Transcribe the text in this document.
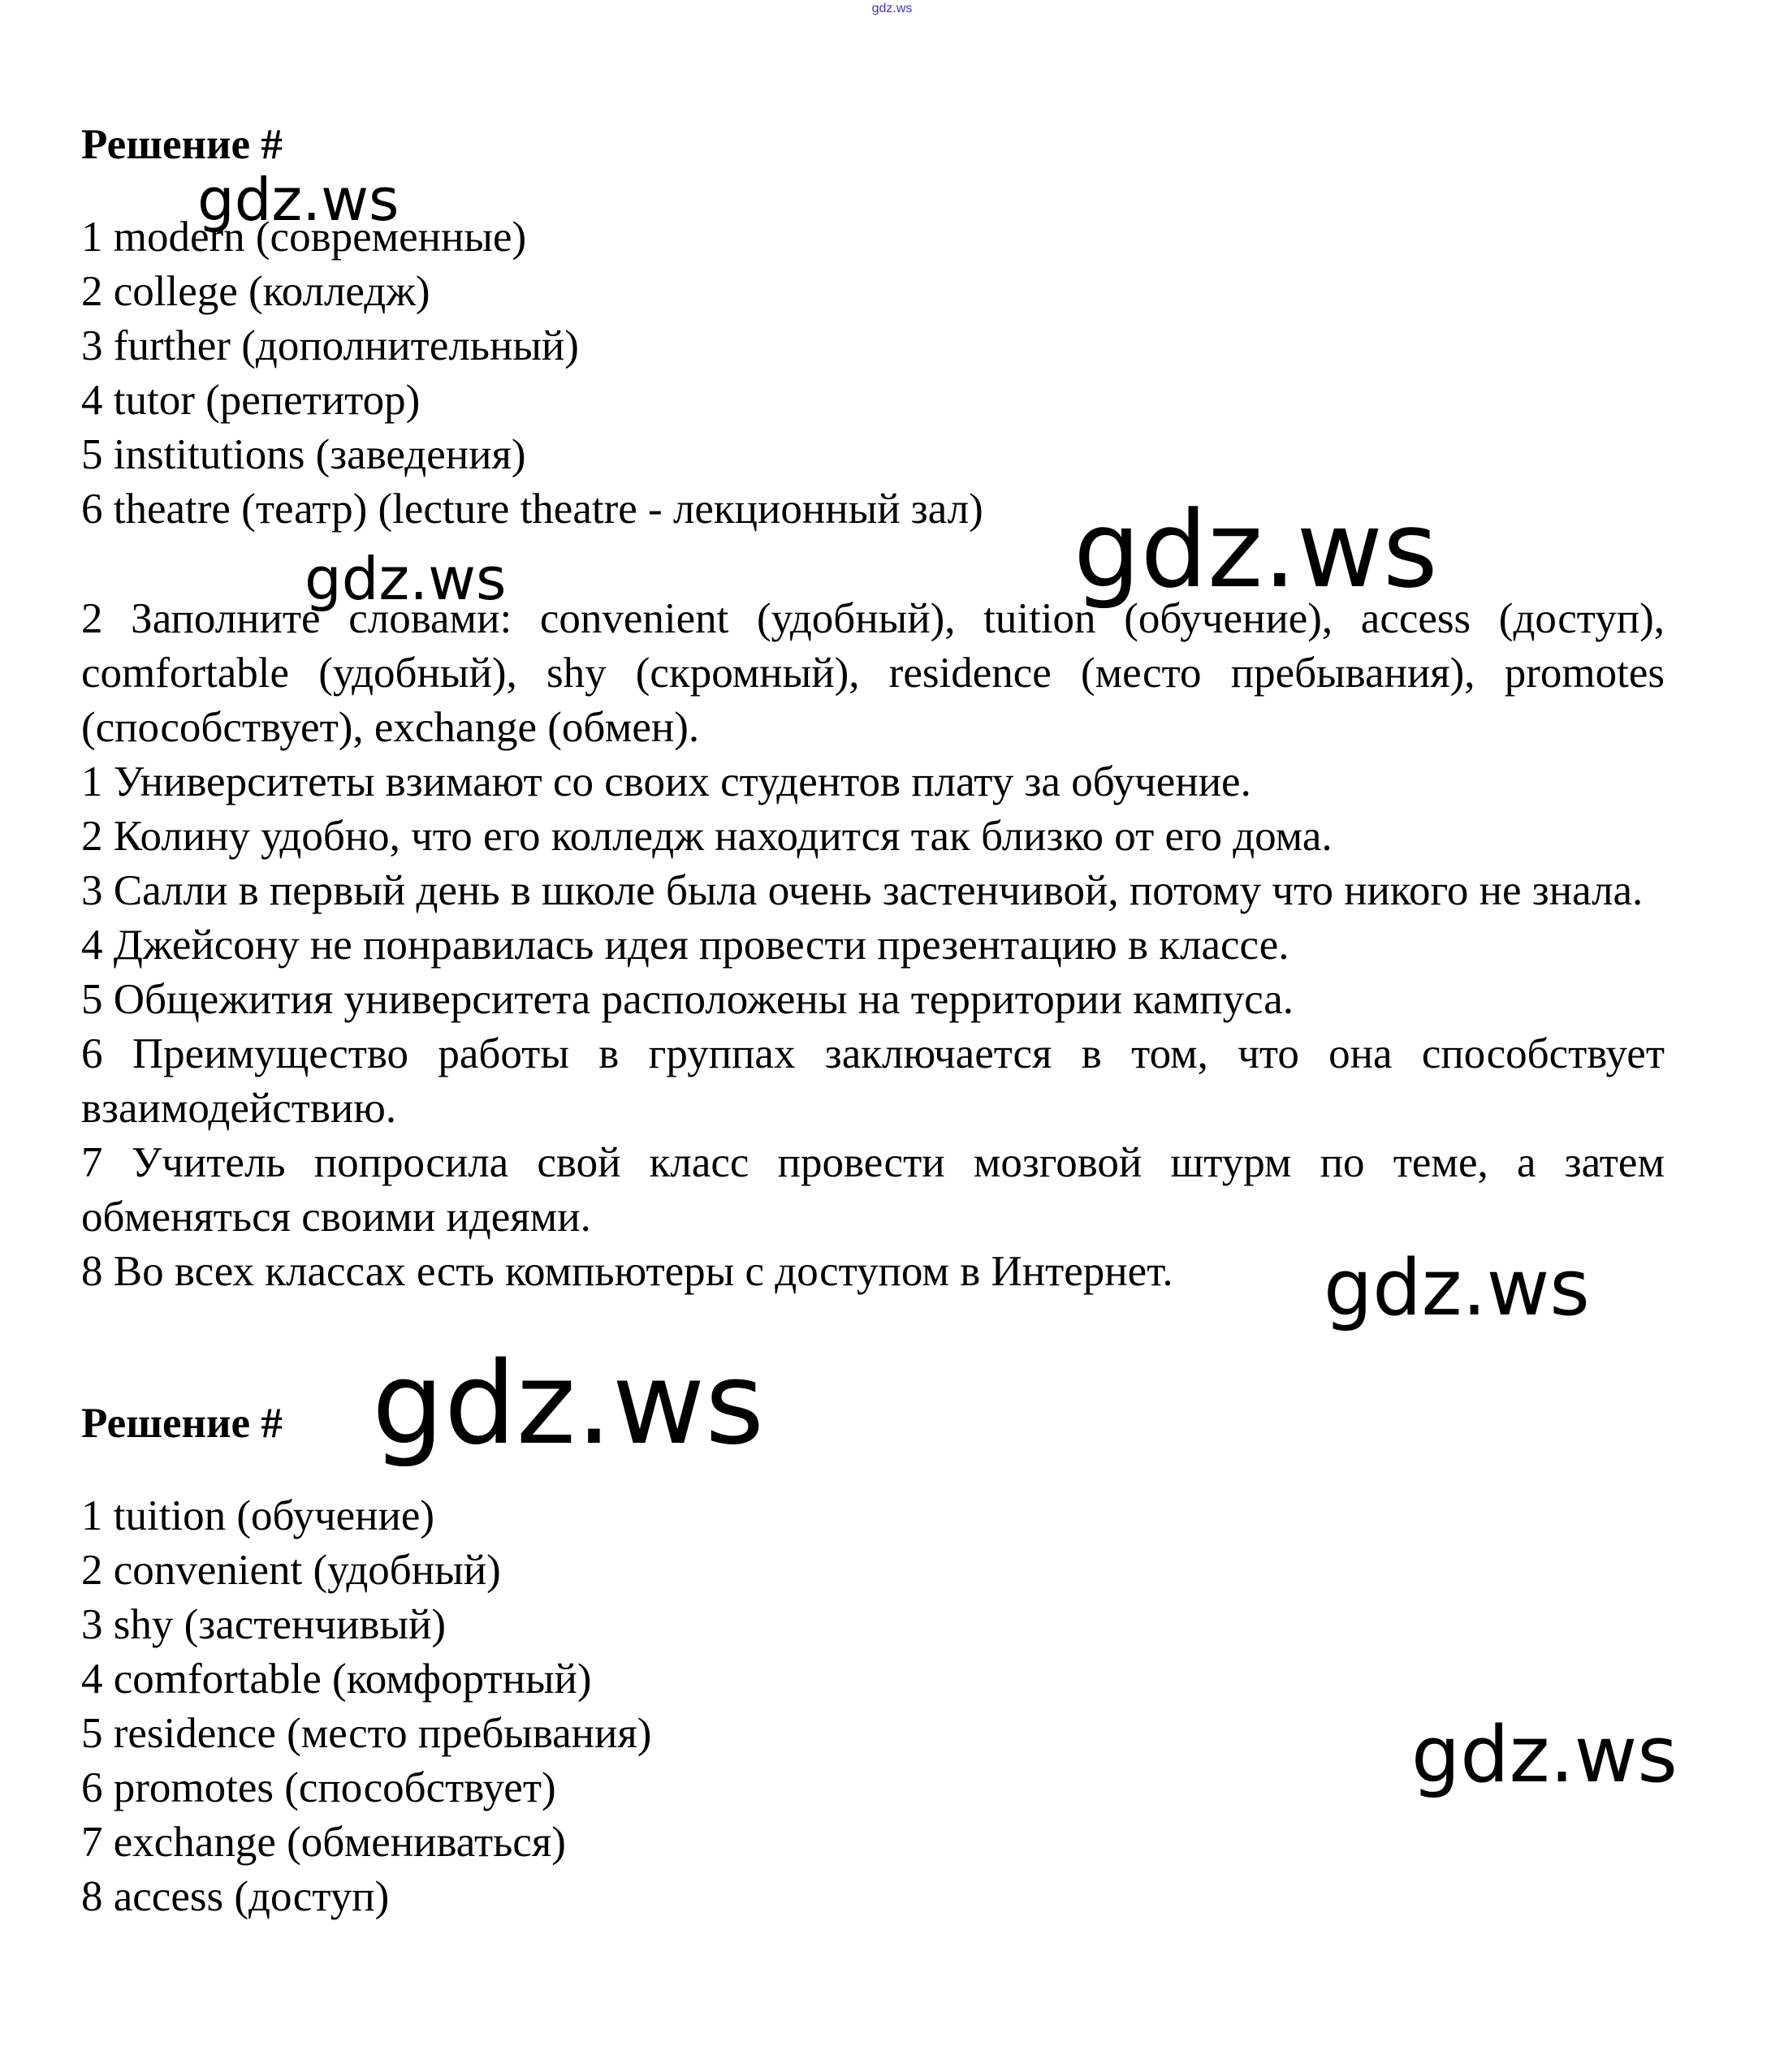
gdz.ws
Решение #
1 modern (современные)
2 college (колледж)
3 further (дополнительный)
4 tutor (репетитор)
5 institutions (заведения)
6 theatre (театр) (lecture theatre - лекционный зал)
2 Заполните словами: convenient (удобный), tuition (обучение), access (доступ), comfortable (удобный), shy (скромный), residence (место пребывания), promotes (способствует), exchange (обмен).
1 Университеты взимают со своих студентов плату за обучение.
2 Колину удобно, что его колледж находится так близко от его дома.
3 Салли в первый день в школе была очень застенчивой, потому что никого не знала.
4 Джейсону не понравилась идея провести презентацию в классе.
5 Общежития университета расположены на территории кампуса.
6 Преимущество работы в группах заключается в том, что она способствует взаимодействию.
7 Учитель попросила свой класс провести мозговой штурм по теме, а затем обменяться своими идеями.
8 Во всех классах есть компьютеры с доступом в Интернет.
Решение #
1 tuition (обучение)
2 convenient (удобный)
3 shy (застенчивый)
4 comfortable (комфортный)
5 residence (место пребывания)
6 promotes (способствует)
7 exchange (обмениваться)
8 access (доступ)
gdz.ws
gdz.ws
gdz.ws
gdz.ws
gdz.ws
gdz.ws
